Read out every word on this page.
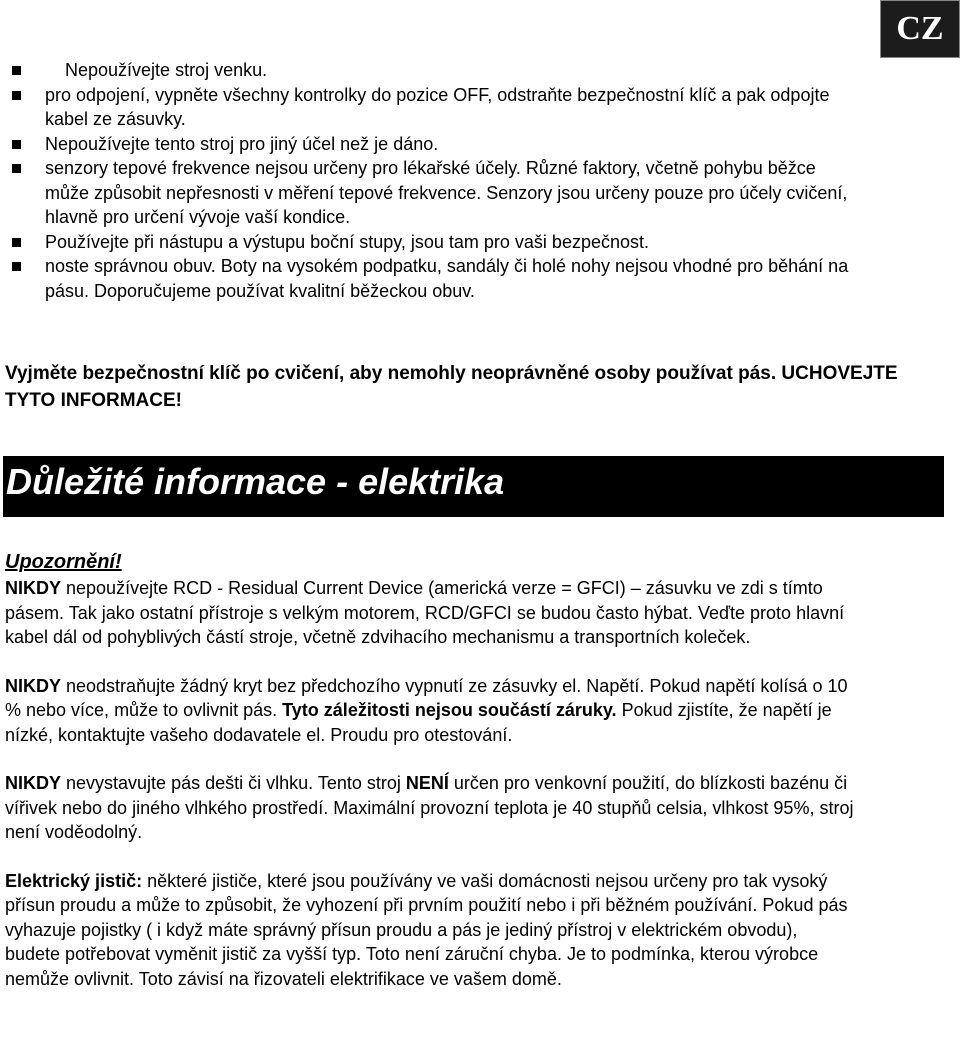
CZ
Nepoužívejte stroj venku.
pro odpojení, vypněte všechny kontrolky do pozice OFF, odstraňte bezpečnostní klíč a pak odpojte kabel ze zásuvky.
Nepoužívejte tento stroj pro jiný účel než je dáno.
senzory tepové frekvence nejsou určeny pro lékařské účely. Různé faktory, včetně pohybu běžce může způsobit nepřesnosti v měření tepové frekvence. Senzory jsou určeny pouze pro účely cvičení, hlavně pro určení vývoje vaší kondice.
Používejte při nástupu a výstupu boční stupy, jsou tam pro vaši bezpečnost.
noste správnou obuv. Boty na vysokém podpatku, sandály či holé nohy nejsou vhodné pro běhání na pásu. Doporučujeme používat kvalitní běžeckou obuv.
Vyjměte bezpečnostní klíč po cvičení, aby nemohly neoprávněné osoby používat pás. UCHOVEJTE TYTO INFORMACE!
Důležité informace - elektrika
Upozornění!

NIKDY nepoužívejte RCD - Residual Current Device (americká verze = GFCI) – zásuvku ve zdi s tímto pásem. Tak jako ostatní přístroje s velkým motorem, RCD/GFCI se budou často hýbat. Veďte proto hlavní kabel dál od pohyblivých částí stroje, včetně zdvihacího mechanismu a transportních koleček.

NIKDY neodstraňujte žádný kryt bez předchozího vypnutí ze zásuvky el. Napětí. Pokud napětí kolísá o 10 % nebo více, může to ovlivnit pás. Tyto záležitosti nejsou součástí záruky. Pokud zjistíte, že napětí je nízké, kontaktujte vašeho dodavatele el. Proudu pro otestování.

NIKDY nevystavujte pás dešti či vlhku. Tento stroj NENÍ určen pro venkovní použití, do blízkosti bazénu či vířivek nebo do jiného vlhkého prostředí. Maximální provozní teplota je 40 stupňů celsia, vlhkost 95%, stroj není voděodolný.

Elektrický jistič: některé jističe, které jsou používány ve vaši domácnosti nejsou určeny pro tak vysoký přísun proudu a může to způsobit, že vyhození při prvním použití nebo i při běžném používání. Pokud pás vyhazuje pojistky ( i když máte správný přísun proudu a pás je jediný přístroj v elektrickém obvodu), budete potřebovat vyměnit jistič za vyšší typ. Toto není záruční chyba. Je to podmínka, kterou výrobce nemůže ovlivnit. Toto závisí na řizovateli elektrifikace ve vašem domě.
